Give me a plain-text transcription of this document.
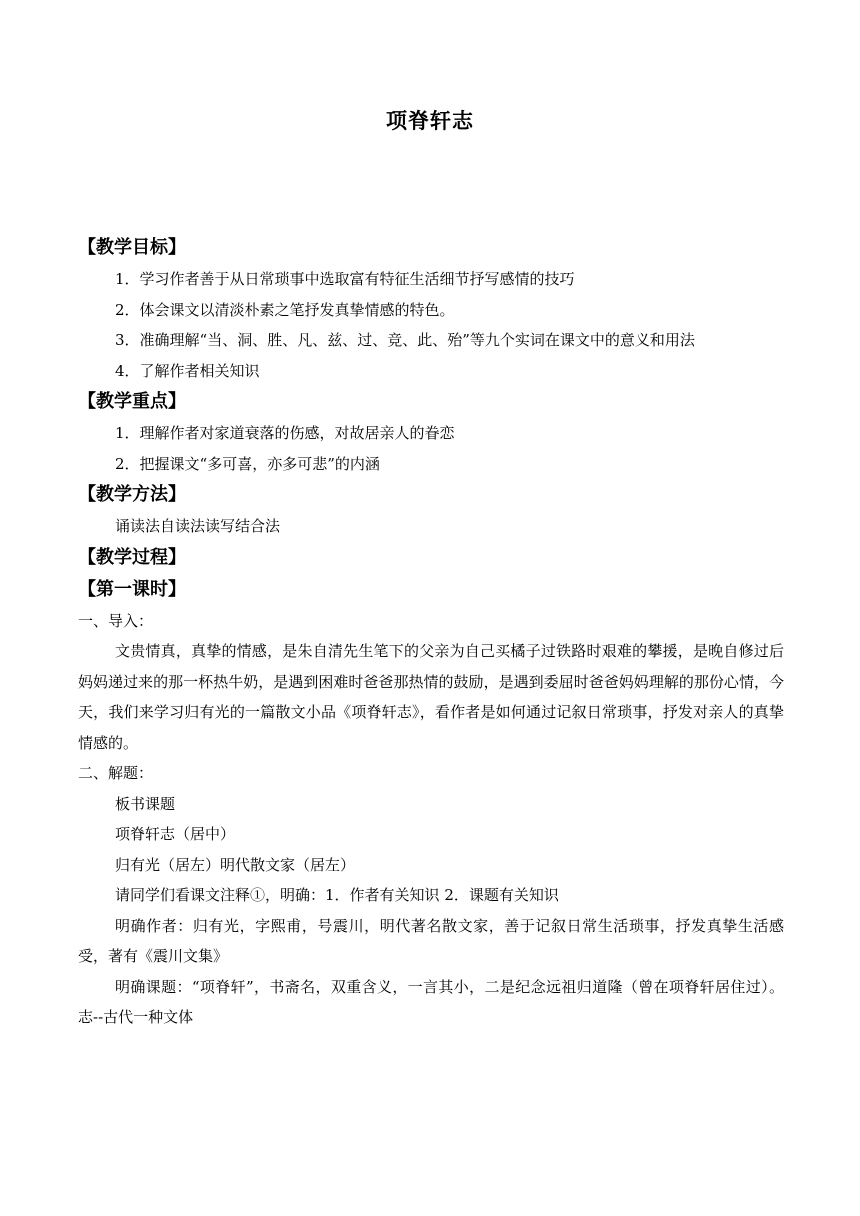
项脊轩志
【教学目标】

1．学习作者善于从日常琐事中选取富有特征生活细节抒写感情的技巧

2．体会课文以清淡朴素之笔抒发真挚情感的特色。

3．准确理解“当、洞、胜、凡、兹、过、竞、此、殆”等九个实词在课文中的意义和用法

4．了解作者相关知识

【教学重点】

1．理解作者对家道衰落的伤感，对故居亲人的眷恋

2．把握课文“多可喜，亦多可悲”的内涵

【教学方法】

诵读法自读法读写结合法

【教学过程】
【第一课时】

一、导入：

文贵情真，真挚的情感，是朱自清先生笔下的父亲为自己买橘子过铁路时艰难的攀援，是晚自修过后妈妈递过来的那一杯热牛奶，是遇到困难时爸爸那热情的鼓励，是遇到委屈时爸爸妈妈理解的那份心情，今天，我们来学习归有光的一篇散文小品《项脊轩志》，看作者是如何通过记叙日常琐事，抒发对亲人的真挚情感的。

二、解题：

板书课题

项脊轩志（居中）

归有光（居左）明代散文家（居左）

请同学们看课文注释①，明确：1．作者有关知识 2．课题有关知识

明确作者：归有光，字熙甫，号震川，明代著名散文家，善于记叙日常生活琐事，抒发真挚生活感受，著有《震川文集》

明确课题：“项脊轩”，书斋名，双重含义，一言其小，二是纪念远祖归道隆（曾在项脊轩居住过）。志--古代一种文体
